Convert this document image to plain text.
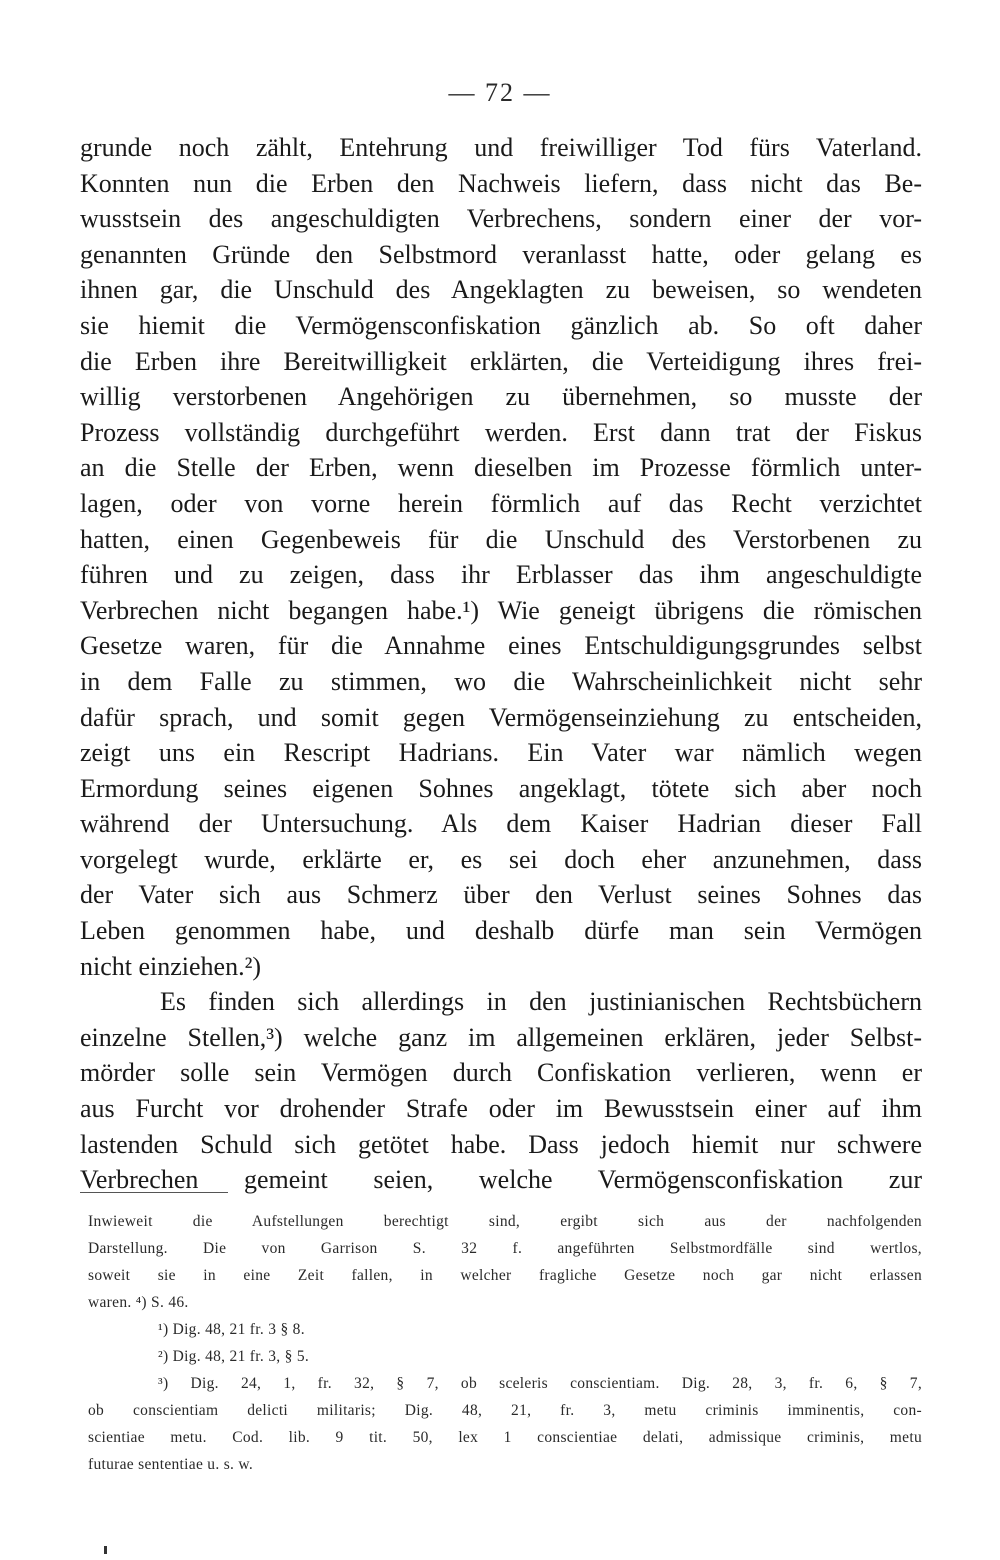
— 72 —
grunde noch zählt, Entehrung und freiwilliger Tod fürs Vaterland.
Konnten nun die Erben den Nachweis liefern, dass nicht das Be-
wusstsein des angeschuldigten Verbrechens, sondern einer der vor-
genannten Gründe den Selbstmord veranlasst hatte, oder gelang es
ihnen gar, die Unschuld des Angeklagten zu beweisen, so wendeten
sie hiemit die Vermögensconfiskation gänzlich ab. So oft daher
die Erben ihre Bereitwilligkeit erklärten, die Verteidigung ihres frei-
willig verstorbenen Angehörigen zu übernehmen, so musste der
Prozess vollständig durchgeführt werden. Erst dann trat der Fiskus
an die Stelle der Erben, wenn dieselben im Prozesse förmlich unter-
lagen, oder von vorne herein förmlich auf das Recht verzichtet
hatten, einen Gegenbeweis für die Unschuld des Verstorbenen zu
führen und zu zeigen, dass ihr Erblasser das ihm angeschuldigte
Verbrechen nicht begangen habe.¹) Wie geneigt übrigens die römischen
Gesetze waren, für die Annahme eines Entschuldigungsgrundes selbst
in dem Falle zu stimmen, wo die Wahrscheinlichkeit nicht sehr
dafür sprach, und somit gegen Vermögenseinziehung zu entscheiden,
zeigt uns ein Rescript Hadrians. Ein Vater war nämlich wegen
Ermordung seines eigenen Sohnes angeklagt, tötete sich aber noch
während der Untersuchung. Als dem Kaiser Hadrian dieser Fall
vorgelegt wurde, erklärte er, es sei doch eher anzunehmen, dass
der Vater sich aus Schmerz über den Verlust seines Sohnes das
Leben genommen habe, und deshalb dürfe man sein Vermögen
nicht einziehen.²)
Es finden sich allerdings in den justinianischen Rechtsbüchern
einzelne Stellen,³) welche ganz im allgemeinen erklären, jeder Selbst-
mörder solle sein Vermögen durch Confiskation verlieren, wenn er
aus Furcht vor drohender Strafe oder im Bewusstsein einer auf ihm
lastenden Schuld sich getötet habe. Dass jedoch hiemit nur schwere
Verbrechen gemeint seien, welche Vermögensconfiskation zur
Inwieweit die Aufstellungen berechtigt sind, ergibt sich aus der nachfolgenden
Darstellung. Die von Garrison S. 32 f. angeführten Selbstmordfälle sind wertlos,
soweit sie in eine Zeit fallen, in welcher fragliche Gesetze noch gar nicht erlassen
waren. ⁴) S. 46.
¹) Dig. 48, 21 fr. 3 § 8.
²) Dig. 48, 21 fr. 3, § 5.
³) Dig. 24, 1, fr. 32, § 7, ob sceleris conscientiam. Dig. 28, 3, fr. 6, § 7,
ob conscientiam delicti militaris; Dig. 48, 21, fr. 3, metu criminis imminentis, con-
scientiae metu. Cod. lib. 9 tit. 50, lex 1 conscientiae delati, admissique criminis, metu
futurae sententiae u. s. w.
